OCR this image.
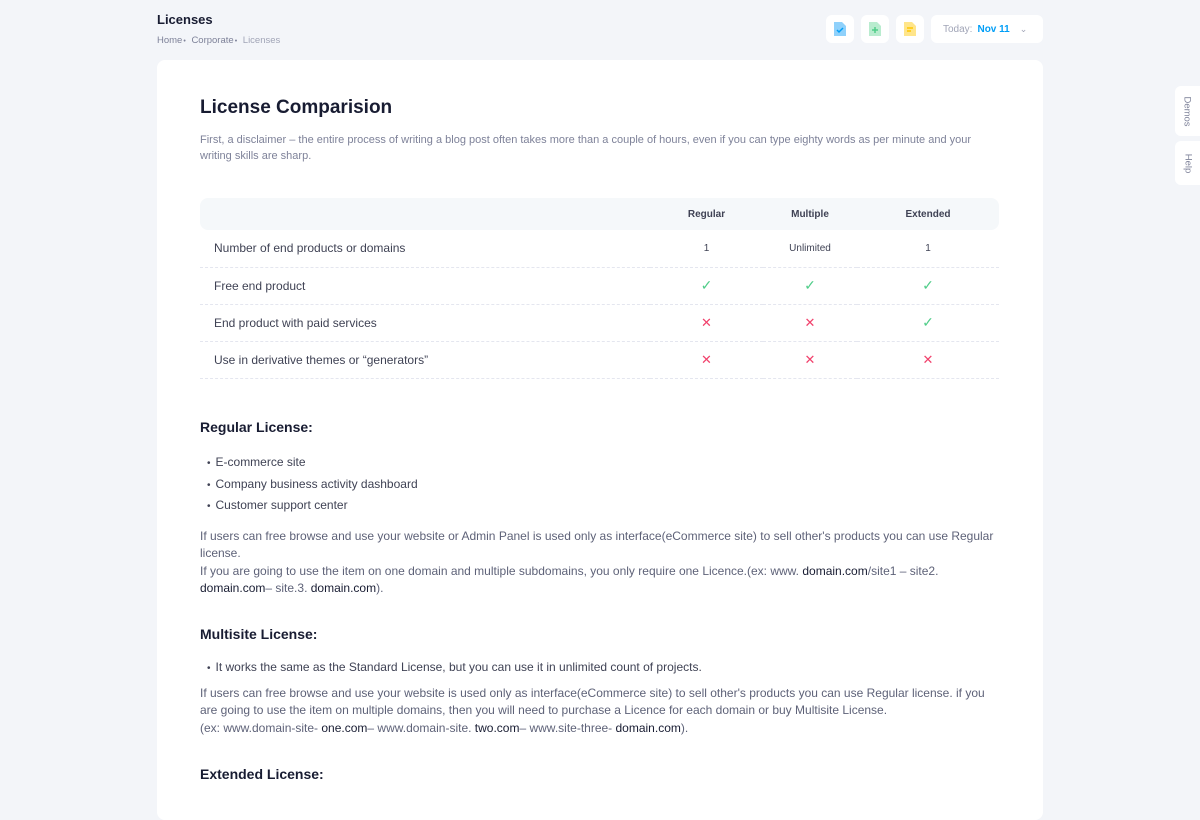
Licenses
Home• Corporate• Licenses
Today: Nov 11 ⌄
Demos
Help
License Comparision

First, a disclaimer – the entire process of writing a blog post often takes more than a couple of hours, even if you can type eighty words as per minute and your writing skills are sharp.

	Regular	Multiple	Extended
Number of end products or domains	1	Unlimited	1
Free end product	✓	✓	✓
End product with paid services	✕	✕	✓
Use in derivative themes or “generators”	✕	✕	✕
Regular License:
• E-commerce site
• Company business activity dashboard
• Customer support center
If users can free browse and use your website or Admin Panel is used only as interface(eCommerce site) to sell other's products you can use Regular license.
If you are going to use the item on one domain and multiple subdomains, you only require one Licence.(ex: www. domain.com/site1 – site2. domain.com– site.3. domain.com).
Multisite License:
• It works the same as the Standard License, but you can use it in unlimited count of projects.
If users can free browse and use your website is used only as interface(eCommerce site) to sell other's products you can use Regular license. if you are going to use the item on multiple domains, then you will need to purchase a Licence for each domain or buy Multisite License.
(ex: www.domain-site- one.com– www.domain-site. two.com– www.site-three- domain.com).
Extended License:
